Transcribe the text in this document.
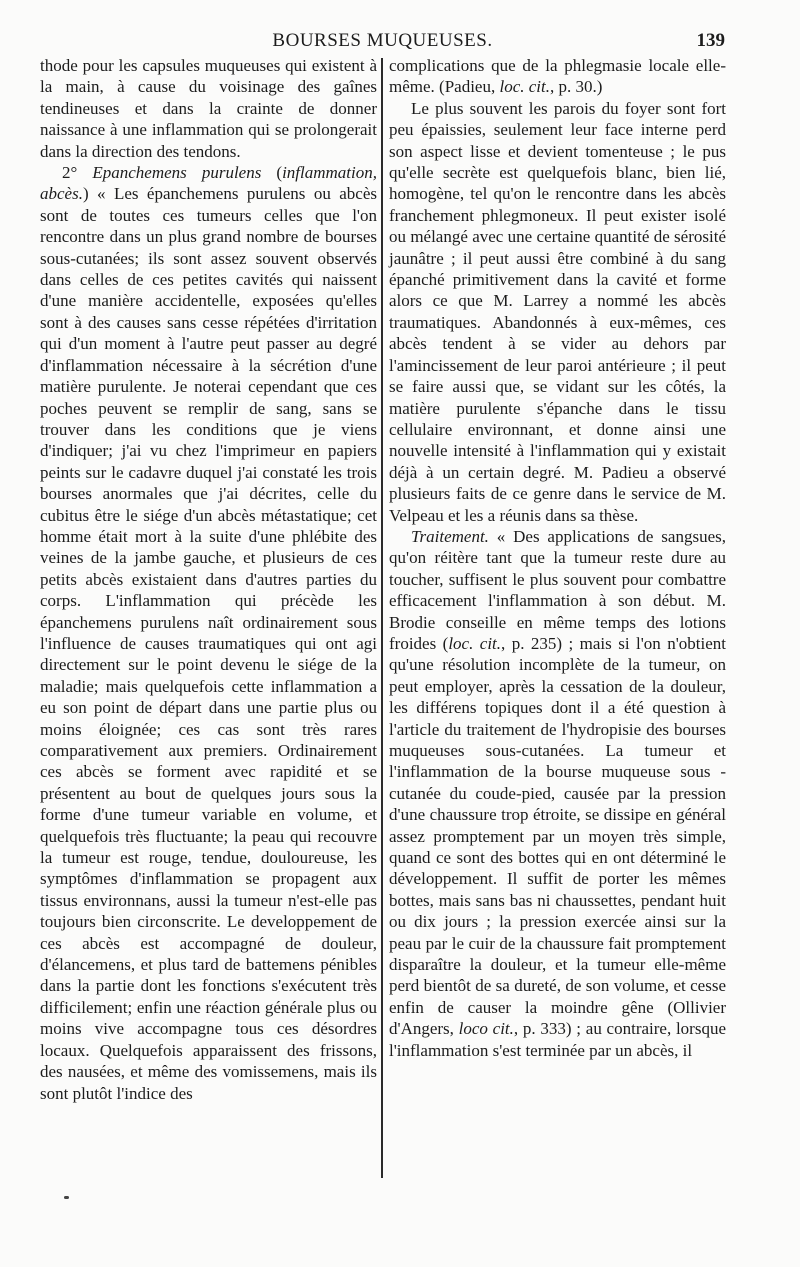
BOURSES MUQUEUSES.	139

thode pour les capsules muqueuses qui existent à la main, à cause du voisinage des gaînes tendineuses et dans la crainte de donner naissance à une inflammation qui se prolongerait dans la direction des tendons.

2° Epanchemens purulens (inflammation, abcès.) « Les épanchemens purulens ou abcès sont de toutes ces tumeurs celles que l'on rencontre dans un plus grand nombre de bourses sous-cutanées; ils sont assez souvent observés dans celles de ces petites cavités qui naissent d'une manière accidentelle, exposées qu'elles sont à des causes sans cesse répétées d'irritation qui d'un moment à l'autre peut passer au degré d'inflammation nécessaire à la sécrétion d'une matière purulente. Je noterai cependant que ces poches peuvent se remplir de sang, sans se trouver dans les conditions que je viens d'indiquer; j'ai vu chez l'imprimeur en papiers peints sur le cadavre duquel j'ai constaté les trois bourses anormales que j'ai décrites, celle du cubitus être le siége d'un abcès métastatique; cet homme était mort à la suite d'une phlébite des veines de la jambe gauche, et plusieurs de ces petits abcès existaient dans d'autres parties du corps. L'inflammation qui précède les épanchemens purulens naît ordinairement sous l'influence de causes traumatiques qui ont agi directement sur le point devenu le siége de la maladie; mais quelquefois cette inflammation a eu son point de départ dans une partie plus ou moins éloignée; ces cas sont très rares comparativement aux premiers. Ordinairement ces abcès se forment avec rapidité et se présentent au bout de quelques jours sous la forme d'une tumeur variable en volume, et quelquefois très fluctuante; la peau qui recouvre la tumeur est rouge, tendue, douloureuse, les symptômes d'inflammation se propagent aux tissus environnans, aussi la tumeur n'est-elle pas toujours bien circonscrite. Le developpement de ces abcès est accompagné de douleur, d'élancemens, et plus tard de battemens pénibles dans la partie dont les fonctions s'exécutent très difficilement; enfin une réaction générale plus ou moins vive accompagne tous ces désordres locaux. Quelquefois apparaissent des frissons, des nausées, et même des vomissemens, mais ils sont plutôt l'indice des

complications que de la phlegmasie locale elle-même. (Padieu, loc. cit., p. 30.)

Le plus souvent les parois du foyer sont fort peu épaissies, seulement leur face interne perd son aspect lisse et devient tomenteuse ; le pus qu'elle secrète est quelquefois blanc, bien lié, homogène, tel qu'on le rencontre dans les abcès franchement phlegmoneux. Il peut exister isolé ou mélangé avec une certaine quantité de sérosité jaunâtre ; il peut aussi être combiné à du sang épanché primitivement dans la cavité et forme alors ce que M. Larrey a nommé les abcès traumatiques. Abandonnés à eux-mêmes, ces abcès tendent à se vider au dehors par l'amincissement de leur paroi antérieure ; il peut se faire aussi que, se vidant sur les côtés, la matière purulente s'épanche dans le tissu cellulaire environnant, et donne ainsi une nouvelle intensité à l'inflammation qui y existait déjà à un certain degré. M. Padieu a observé plusieurs faits de ce genre dans le service de M. Velpeau et les a réunis dans sa thèse.

Traitement. « Des applications de sangsues, qu'on réitère tant que la tumeur reste dure au toucher, suffisent le plus souvent pour combattre efficacement l'inflammation à son début. M. Brodie conseille en même temps des lotions froides (loc. cit., p. 235) ; mais si l'on n'obtient qu'une résolution incomplète de la tumeur, on peut employer, après la cessation de la douleur, les différens topiques dont il a été question à l'article du traitement de l'hydropisie des bourses muqueuses sous-cutanées. La tumeur et l'inflammation de la bourse muqueuse sous - cutanée du coude-pied, causée par la pression d'une chaussure trop étroite, se dissipe en général assez promptement par un moyen très simple, quand ce sont des bottes qui en ont déterminé le développement. Il suffit de porter les mêmes bottes, mais sans bas ni chaussettes, pendant huit ou dix jours ; la pression exercée ainsi sur la peau par le cuir de la chaussure fait promptement disparaître la douleur, et la tumeur elle-même perd bientôt de sa dureté, de son volume, et cesse enfin de causer la moindre gêne (Ollivier d'Angers, loco cit., p. 333) ; au contraire, lorsque l'inflammation s'est terminée par un abcès, il
